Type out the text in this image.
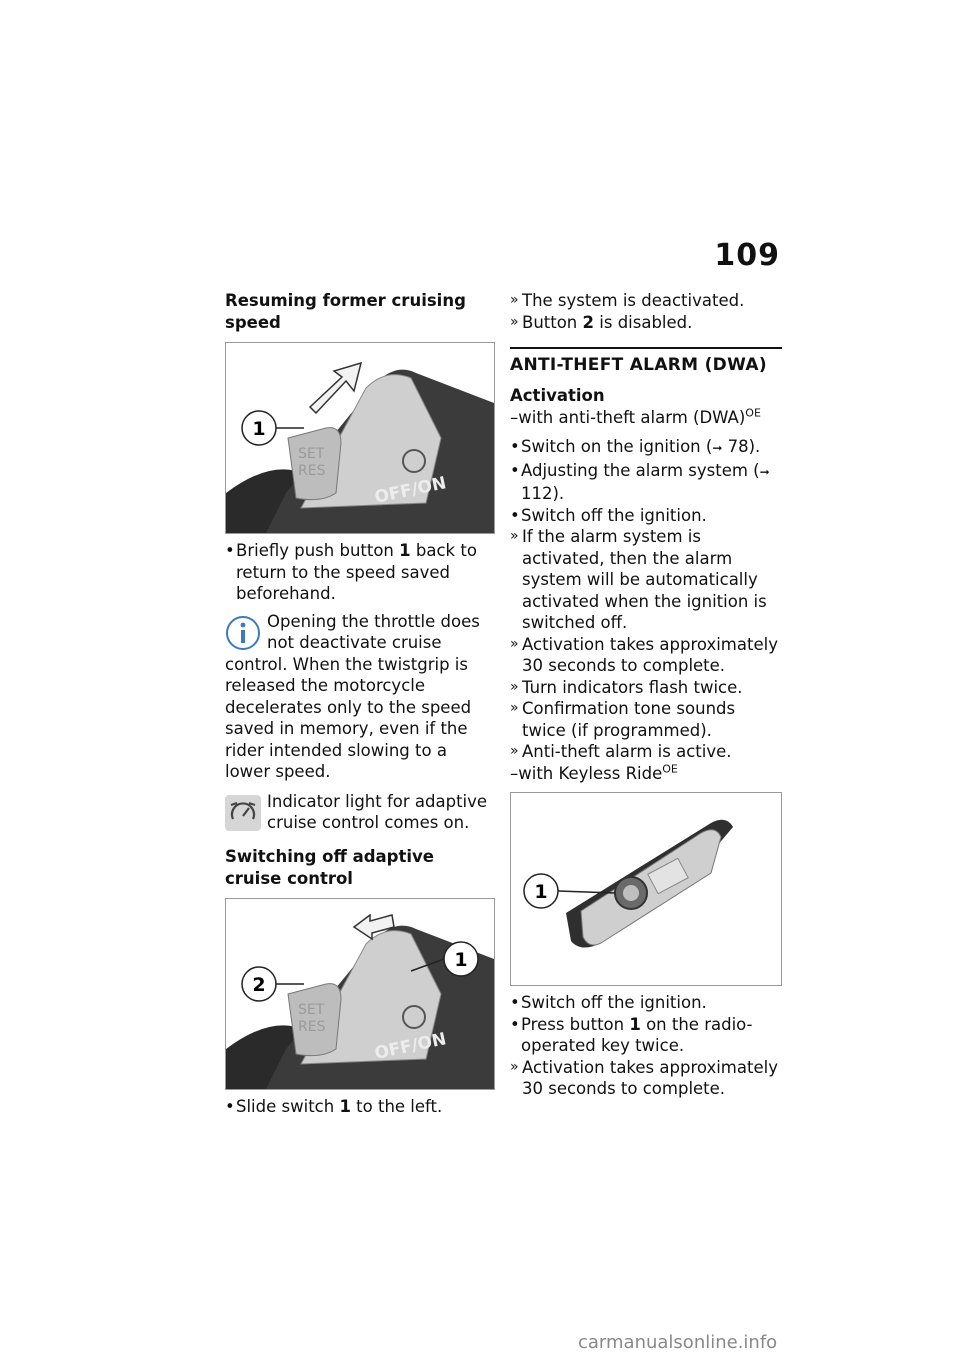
109
Resuming former cruising speed
SET
RES
OFF/ON
1

• Briefly push button 1 back to return to the speed saved beforehand.

Opening the throttle does not deactivate cruise control. When the twistgrip is released the motorcycle decelerates only to the speed saved in memory, even if the rider intended slowing to a lower speed.

Indicator light for adaptive cruise control comes on.

Switching off adaptive cruise control
SET
RES
OFF/ON
2
1

• Slide switch 1 to the left.

» The system is deactivated.

» Button 2 is disabled.

ANTI-THEFT ALARM (DWA)
Activation

–with anti-theft alarm (DWA)$^{OE}$

• Switch on the ignition (➞ 78).

• Adjusting the alarm system (➞ 112).

• Switch off the ignition.

» If the alarm system is activated, then the alarm system will be automatically activated when the ignition is switched off.

» Activation takes approximately 30 seconds to complete.

» Turn indicators flash twice.

» Confirmation tone sounds twice (if programmed).

» Anti-theft alarm is active.

–with Keyless Ride$^{OE}$

1

• Switch off the ignition.

• Press button 1 on the radio-operated key twice.

» Activation takes approximately 30 seconds to complete.

carmanualsonline.info
